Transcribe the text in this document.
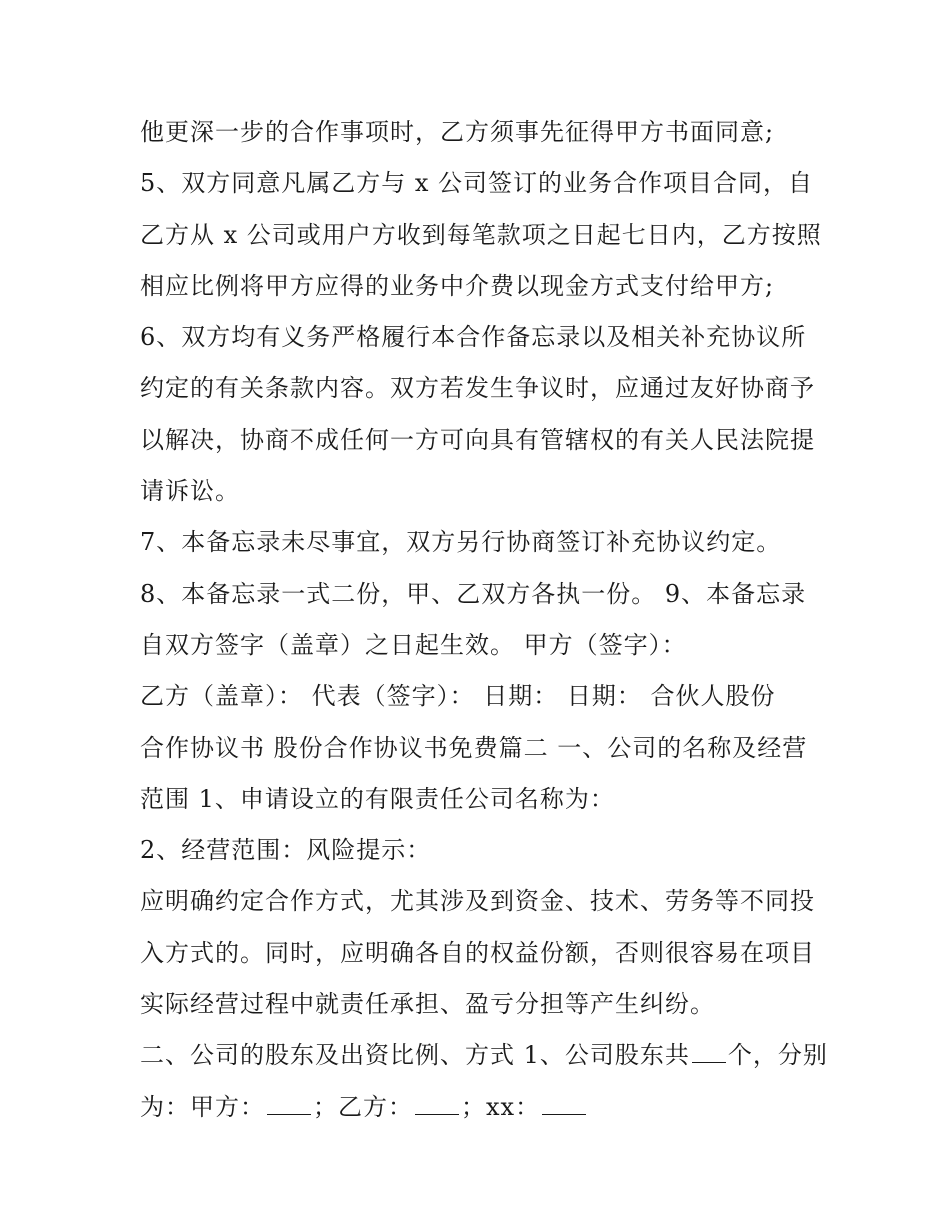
他更深一步的合作事项时，乙方须事先征得甲方书面同意;
5、双方同意凡属乙方与 x 公司签订的业务合作项目合同，自
乙方从 x 公司或用户方收到每笔款项之日起七日内，乙方按照
相应比例将甲方应得的业务中介费以现金方式支付给甲方;
6、双方均有义务严格履行本合作备忘录以及相关补充协议所
约定的有关条款内容。双方若发生争议时，应通过友好协商予
以解决，协商不成任何一方可向具有管辖权的有关人民法院提
请诉讼。
7、本备忘录未尽事宜，双方另行协商签订补充协议约定。
8、本备忘录一式二份，甲、乙双方各执一份。 9、本备忘录
自双方签字（盖章）之日起生效。 甲方（签字）：
乙方（盖章）： 代表（签字）： 日期： 日期： 合伙人股份
合作协议书 股份合作协议书免费篇二 一、公司的名称及经营
范围 1、申请设立的有限责任公司名称为：
2、经营范围：风险提示：
应明确约定合作方式，尤其涉及到资金、技术、劳务等不同投
入方式的。同时，应明确各自的权益份额，否则很容易在项目
实际经营过程中就责任承担、盈亏分担等产生纠纷。
二、公司的股东及出资比例、方式 1、公司股东共 个，分别
为：甲方： ；乙方： ；xx：
